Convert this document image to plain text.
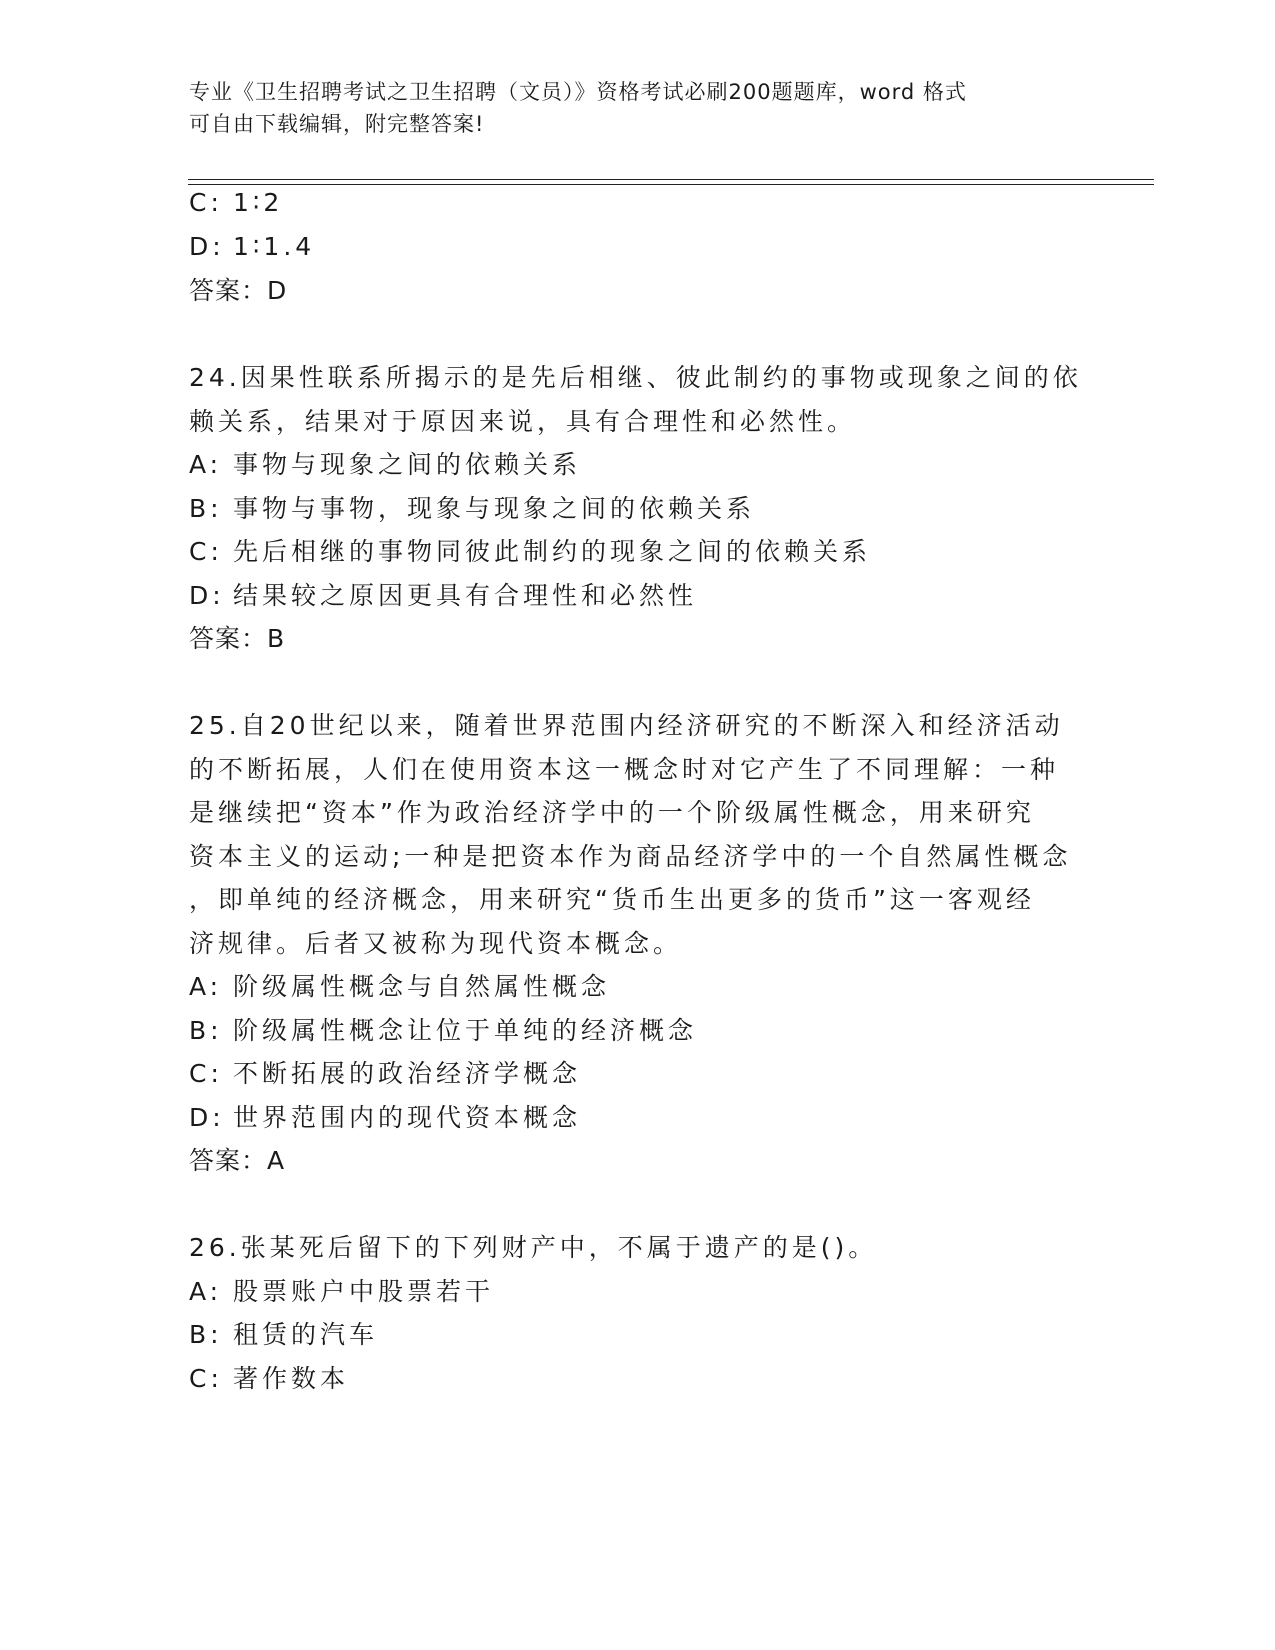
专业《卫生招聘考试之卫生招聘（文员）》资格考试必刷200题题库，word 格式
可自由下载编辑，附完整答案!
C: 1∶2
D: 1∶1.4
答案：D
24.因果性联系所揭示的是先后相继、彼此制约的事物或现象之间的依
赖关系，结果对于原因来说，具有合理性和必然性。
A: 事物与现象之间的依赖关系
B: 事物与事物，现象与现象之间的依赖关系
C: 先后相继的事物同彼此制约的现象之间的依赖关系
D: 结果较之原因更具有合理性和必然性
答案：B
25.自20世纪以来，随着世界范围内经济研究的不断深入和经济活动
的不断拓展，人们在使用资本这一概念时对它产生了不同理解：一种
是继续把“资本”作为政治经济学中的一个阶级属性概念，用来研究
资本主义的运动;一种是把资本作为商品经济学中的一个自然属性概念
，即单纯的经济概念，用来研究“货币生出更多的货币”这一客观经
济规律。后者又被称为现代资本概念。
A: 阶级属性概念与自然属性概念
B: 阶级属性概念让位于单纯的经济概念
C: 不断拓展的政治经济学概念
D: 世界范围内的现代资本概念
答案：A
26.张某死后留下的下列财产中，不属于遗产的是()。
A: 股票账户中股票若干
B: 租赁的汽车
C: 著作数本
